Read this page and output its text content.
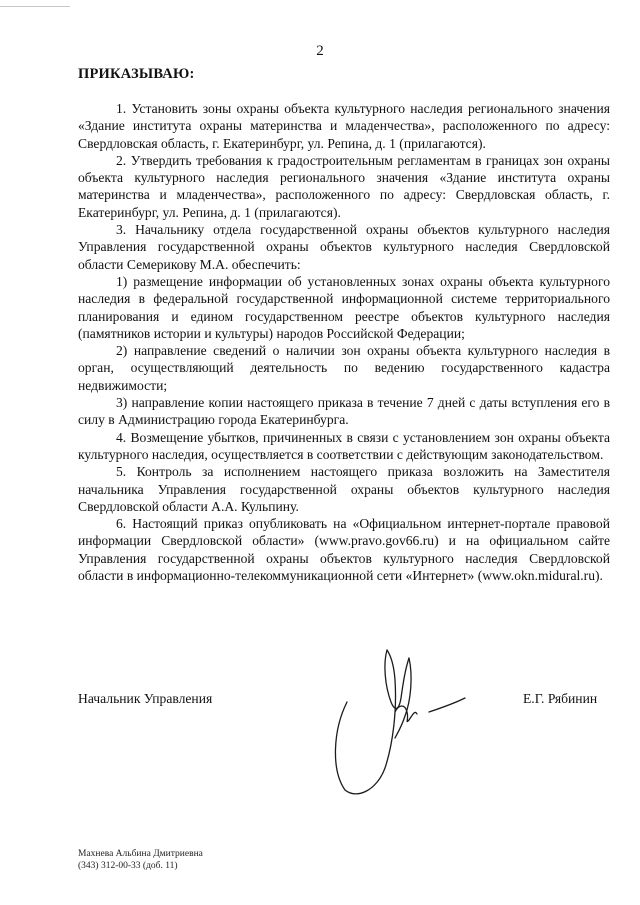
2
ПРИКАЗЫВАЮ:

1. Установить зоны охраны объекта культурного наследия регионального значения «Здание института охраны материнства и младенчества», расположенного по адресу: Свердловская область, г. Екатеринбург, ул. Репина, д. 1 (прилагаются).

2. Утвердить требования к градостроительным регламентам в границах зон охраны объекта культурного наследия регионального значения «Здание института охраны материнства и младенчества», расположенного по адресу: Свердловская область, г. Екатеринбург, ул. Репина, д. 1 (прилагаются).

3. Начальнику отдела государственной охраны объектов культурного наследия Управления государственной охраны объектов культурного наследия Свердловской области Семерикову М.А. обеспечить:

1) размещение информации об установленных зонах охраны объекта культурного наследия в федеральной государственной информационной системе территориального планирования и едином государственном реестре объектов культурного наследия (памятников истории и культуры) народов Российской Федерации;

2) направление сведений о наличии зон охраны объекта культурного наследия в орган, осуществляющий деятельность по ведению государственного кадастра недвижимости;

3) направление копии настоящего приказа в течение 7 дней с даты вступления его в силу в Администрацию города Екатеринбурга.

4. Возмещение убытков, причиненных в связи с установлением зон охраны объекта культурного наследия, осуществляется в соответствии с действующим законодательством.

5. Контроль за исполнением настоящего приказа возложить на Заместителя начальника Управления государственной охраны объектов культурного наследия Свердловской области А.А. Кульпину.

6. Настоящий приказ опубликовать на «Официальном интернет-портале правовой информации Свердловской области» (www.pravo.gov66.ru) и на официальном сайте Управления государственной охраны объектов культурного наследия Свердловской области в информационно-телекоммуникационной сети «Интернет» (www.okn.midural.ru).

Начальник Управления	Е.Г. Рябинин
Махнева Альбина Дмитриевна
(343) 312-00-33 (доб. 11)
